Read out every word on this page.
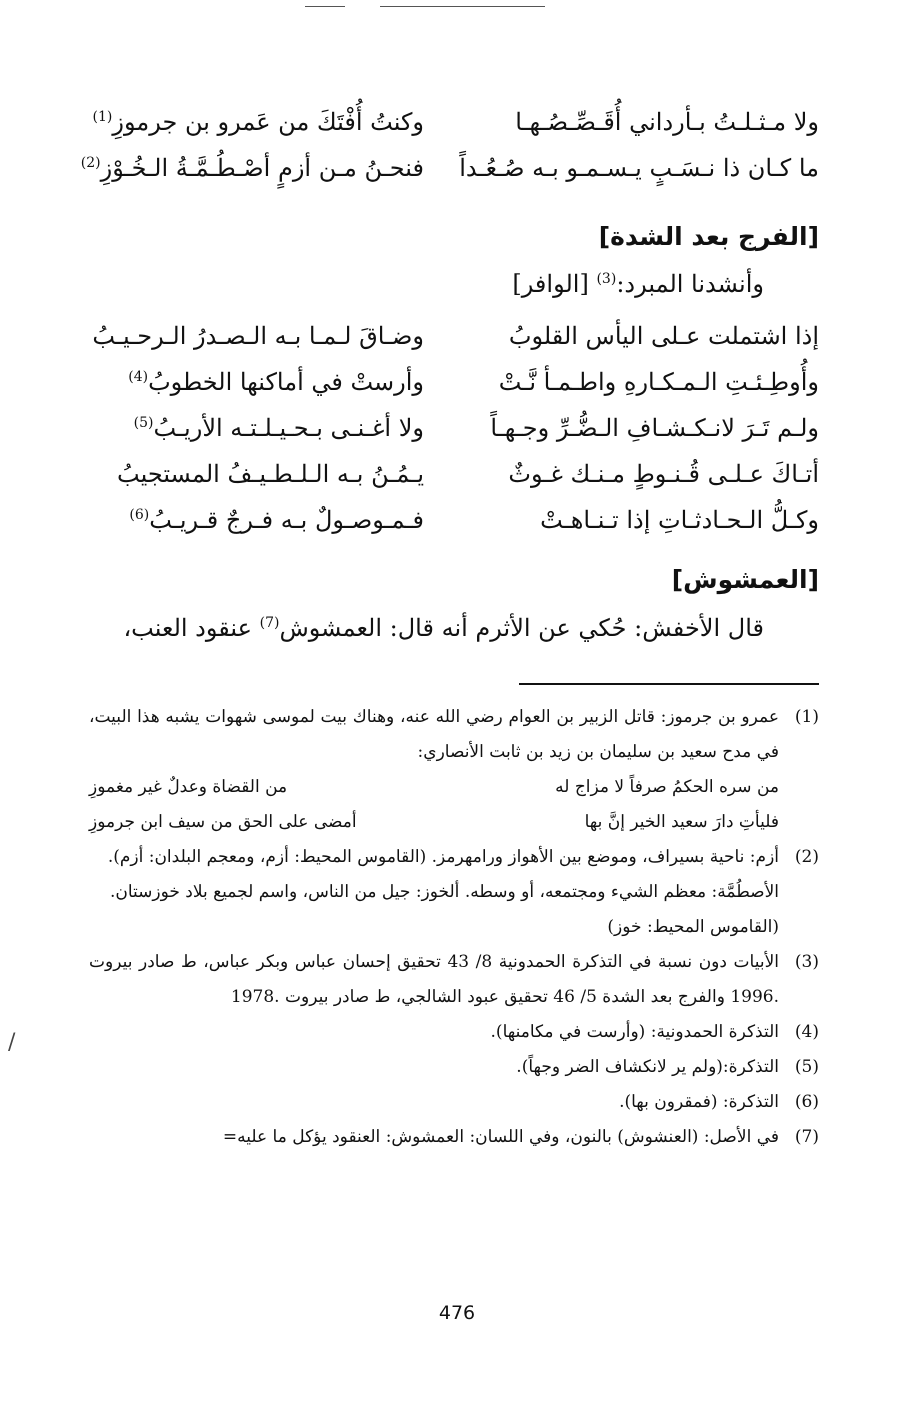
ولا مـثـلـتُ بـأرداني أُقَـصِّـصُـهـا
وكنتُ أُفْتَكَ من عَمرو بن جرموزِ$^{(1)}$
ما كـان ذا نـسَـبٍ يـسـمـو بـه صُـعُـداً
فنحـنُ مـن أزمٍ أصْـطُـمَّـةُ الـخُـوْزِ$^{(2)}$
[الفرج بعد الشدة]
وأنشدنا المبرد:$^{(3)}$ [الوافر]
إذا اشتملت عـلى اليأس القلوبُ
وضـاقَ لـمـا بـه الـصـدرُ الـرحـيـبُ
وأُوطِـئـتِ الـمـكـارهِ واطـمـأ نَّـتْ
وأرستْ في أماكنها الخطوبُ$^{(4)}$
ولـم تَـرَ لانـكـشـافِ الـضُّـرِّ وجـهـاً
ولا أغـنـى بـحـيـلـتـه الأريـبُ$^{(5)}$
أتـاكَ عـلـى قُـنـوطٍ مـنـك غـوثٌ
يـمُـنُ بـه الـلـطـيـفُ المستجيبُ
وكـلُّ الـحـادثـاتِ إذا تـنـاهـتْ
فـمـوصـولٌ بـه فـرجٌ قـريـبُ$^{(6)}$
[العمشوش]
قال الأخفش: حُكي عن الأثرم أنه قال: العمشوش$^{(7)}$ عنقود العنب،
(1)
عمرو بن جرموز: قاتل الزبير بن العوام رضي الله عنه، وهناك بيت لموسى شهوات يشبه هذا البيت، في مدح سعيد بن سليمان بن زيد بن ثابت الأنصاري:
من سره الحكمُ صرفاً لا مزاج له
من القضاة وعدلٌ غير مغموزِ
فليأتِ دارَ سعيد الخير إنَّ بها
أمضى على الحق من سيف ابن جرموزِ
(2)
أزم: ناحية بسيراف، وموضع بين الأهواز ورامهرمز. (القاموس المحيط: أزم، ومعجم البلدان: أزم).
الأصطُمَّة: معظم الشيء ومجتمعه، أو وسطه. ألخوز: جيل من الناس، واسم لجميع بلاد خوزستان.
(القاموس المحيط: خوز)
(3)
الأبيات دون نسبة في التذكرة الحمدونية 8/ 43 تحقيق إحسان عباس وبكر عباس، ط صادر بيروت .1996 والفرج بعد الشدة 5/ 46 تحقيق عبود الشالجي، ط صادر بيروت .1978
(4)
التذكرة الحمدونية: (وأرست في مكامنها).
(5)
التذكرة:(ولم ير لانكشاف الضر وجهاً).
(6)
التذكرة: (فمقرون بها).
(7)
في الأصل: (العنشوش) بالنون، وفي اللسان: العمشوش: العنقود يؤكل ما عليه=
/
476
